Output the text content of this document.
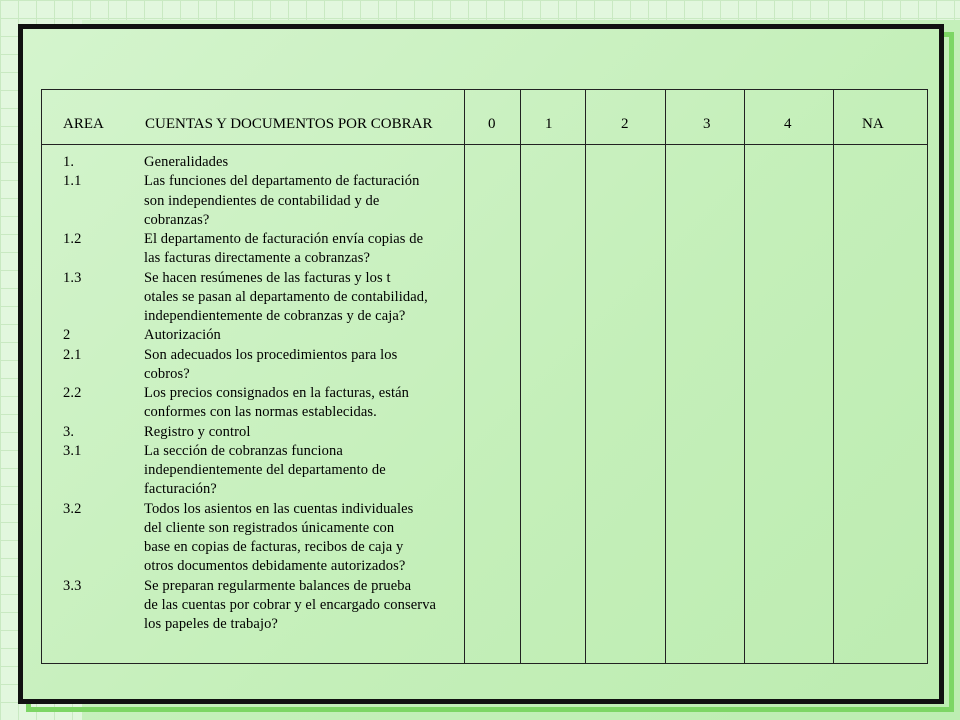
AREA	CUENTAS Y DOCUMENTOS POR COBRAR	0	1	2	3	4	NA
1.	Generalidades
1.1	Las funciones del departamento de facturación
son independientes de contabilidad y de
cobranzas?
1.2	El departamento de facturación envía copias de
las facturas directamente a cobranzas?
1.3	Se hacen resúmenes de las facturas y los t
otales se pasan al departamento de contabilidad,
independientemente de cobranzas y de caja?
2	Autorización
2.1	Son adecuados los procedimientos para los
cobros?
2.2	Los precios consignados en la facturas, están
conformes con las normas establecidas.
3.	Registro y control
3.1	La sección de cobranzas funciona
independientemente del departamento de
facturación?
3.2	Todos los asientos en las cuentas individuales
del cliente son registrados únicamente con
base en copias de facturas, recibos de caja y
otros documentos debidamente autorizados?
3.3	Se preparan regularmente balances de prueba
de las cuentas por cobrar y el encargado conserva
los papeles de trabajo?
